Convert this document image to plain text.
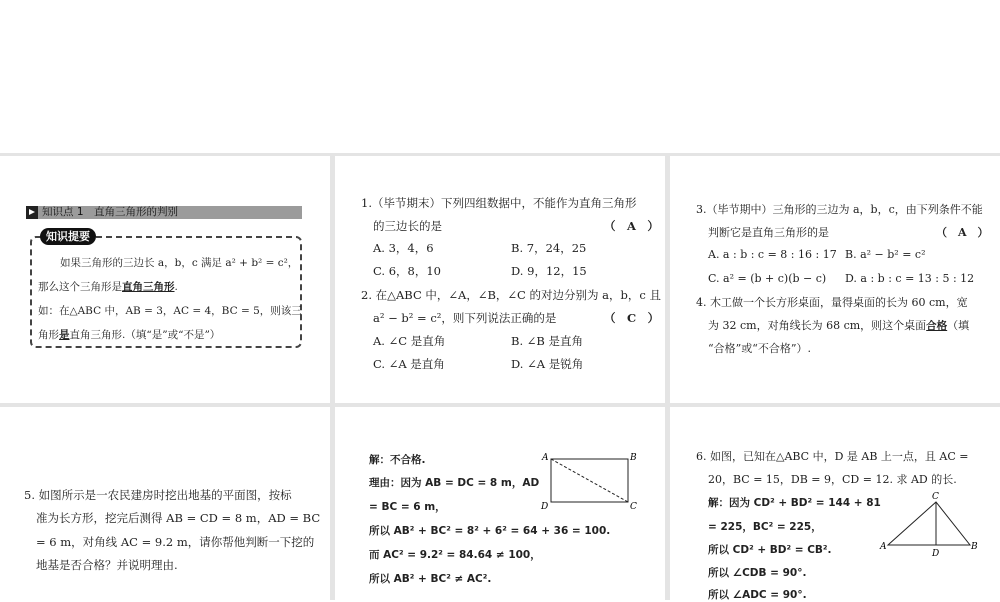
知识点 1　直角三角形的判别
知识提要
如果三角形的三边长 a，b，c 满足 a² + b² = c²，
那么这个三角形是直角三角形.
如：在△ABC 中，AB = 3，AC = 4，BC = 5，则该三
角形是直角三角形.（填“是”或“不是”）
1.（毕节期末）下列四组数据中，不能作为直角三角形
的三边长的是	（　A　）
A. 3，4，6	B. 7，24，25
C. 6，8，10	D. 9，12，15
2. 在△ABC 中，∠A，∠B，∠C 的对边分别为 a，b，c 且
a² − b² = c²，则下列说法正确的是	（　C　）
A. ∠C 是直角	B. ∠B 是直角
C. ∠A 是直角	D. ∠A 是锐角
3.（毕节期中）三角形的三边为 a，b，c，由下列条件不能
判断它是直角三角形的是	（　A　）
A. a : b : c = 8 : 16 : 17 B. a² − b² = c²
C. a² = (b + c)(b − c) D. a : b : c = 13 : 5 : 12
4. 木工做一个长方形桌面，量得桌面的长为 60 cm，宽
为 32 cm，对角线长为 68 cm，则这个桌面合格（填
“合格”或“不合格”）.
5. 如图所示是一农民建房时挖出地基的平面图，按标
准为长方形，挖完后测得 AB = CD = 8 m，AD = BC
= 6 m，对角线 AC = 9.2 m，请你帮他判断一下挖的
地基是否合格？并说明理由.
解：不合格.
理由：因为 AB = DC = 8 m，AD
= BC = 6 m，
所以 AB² + BC² = 8² + 6² = 64 + 36 = 100.
而 AC² = 9.2² = 84.64 ≠ 100，
所以 AB² + BC² ≠ AC².
A	B
C
D
6. 如图，已知在△ABC 中，D 是 AB 上一点，且 AC =
20，BC = 15，DB = 9，CD = 12. 求 AD 的长.
解：因为 CD² + BD² = 144 + 81
= 225，BC² = 225，
所以 CD² + BD² = CB².
所以 ∠CDB = 90°.
所以 ∠ADC = 90°.
A	B
C
D
